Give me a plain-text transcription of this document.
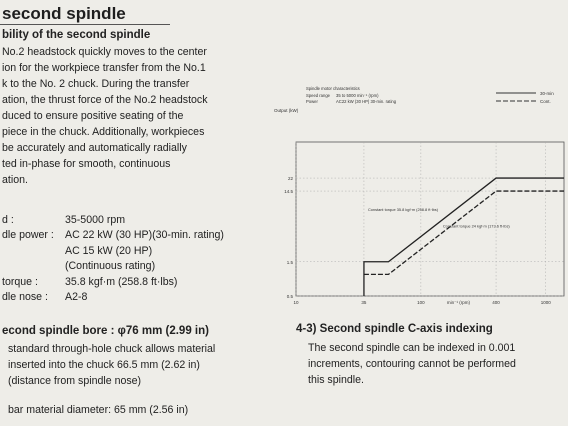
second spindle
bility of the second spindle
No.2 headstock quickly moves to the center
ion for the workpiece transfer from the No.1
k to the No. 2 chuck. During the transfer
ation, the thrust force of the No.2 headstock
duced to ensure positive seating of the
piece in the chuck. Additionally, workpieces
be accurately and automatically radially
ted in-phase for smooth, continuous
ation.
d :	35-5000 rpm
dle power : AC 22 kW (30 HP)(30-min. rating)
AC 15 kW (20 HP)
(Continuous rating)
torque :	35.8 kgf·m (258.8 ft·lbs)
dle nose : A2-8
econd spindle bore : φ76 mm (2.99 in)
standard through-hole chuck allows material
inserted into the chuck 66.5 mm (2.62 in)
(distance from spindle nose)
bar material diameter: 65 mm (2.56 in)
10	35	100	400	1000
0.5
1.5
14.5
22
Output (kW)
min⁻¹ (rpm)
Spindle motor characteristics
Speed range 35 to 5000 min⁻¹ (rpm)
Power	AC22 kW (30 HP) 30-min. rating
30-min
Cont.
Constant torque 35.8 kgf·m (258.8 ft·lbs)
Constant torque 24 kgf·m (173.6 ft·lbs)
4-3) Second spindle C-axis indexing
The second spindle can be indexed in 0.001
increments, contouring cannot be performed
this spindle.
